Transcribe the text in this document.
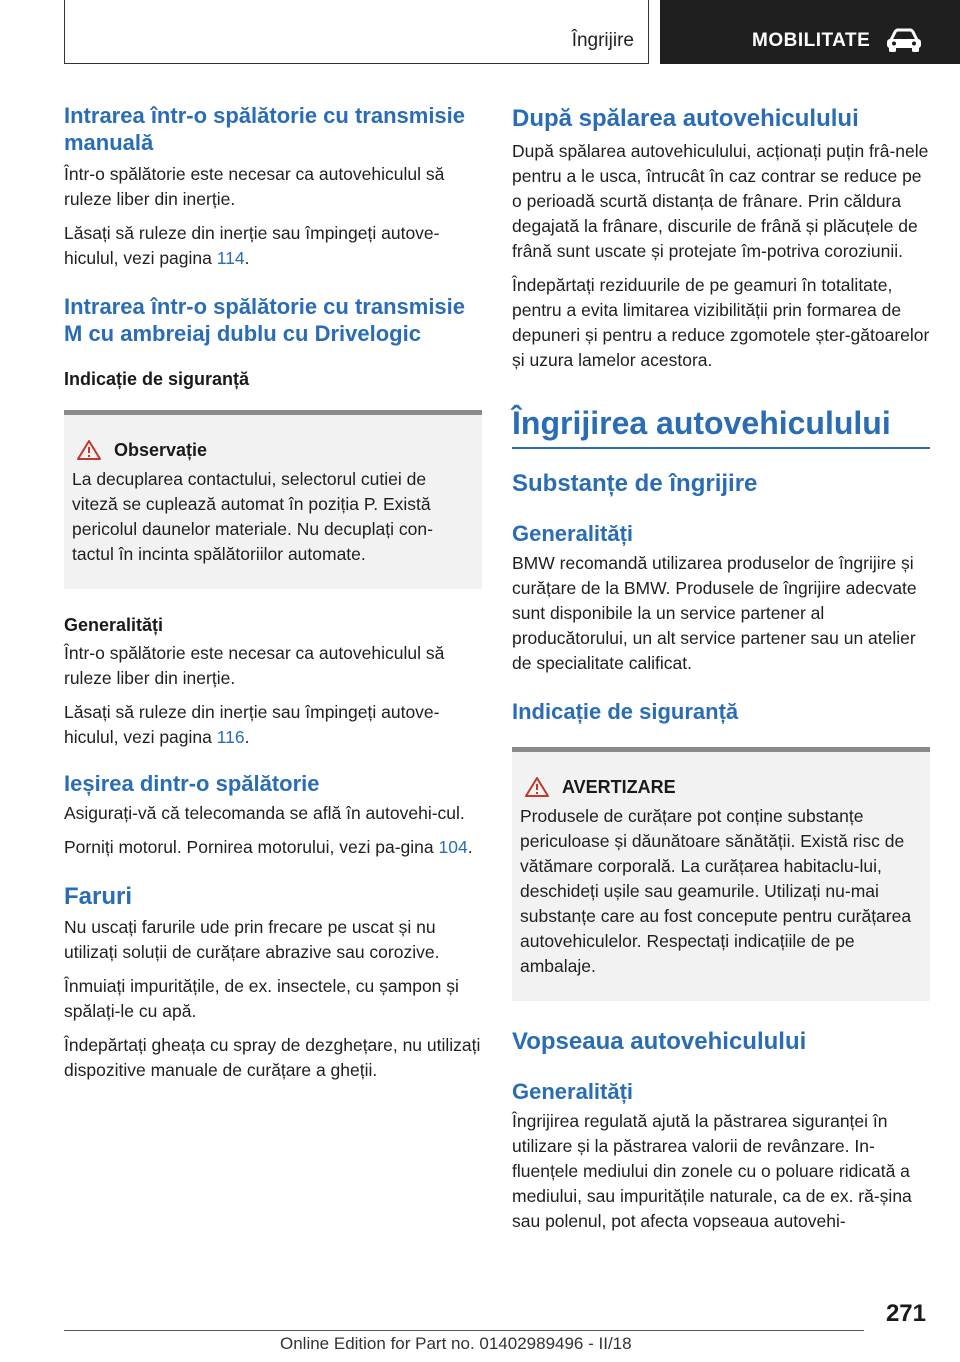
Îngrijire	MOBILITATE
Intrarea într-o spălătorie cu transmisie manuală

Într-o spălătorie este necesar ca autovehiculul să ruleze liber din inerție.

Lăsați să ruleze din inerție sau împingeți autove-hiculul, vezi pagina 114.

Intrarea într-o spălătorie cu transmisie M cu ambreiaj dublu cu Drivelogic
Indicație de siguranță
Observație

La decuplarea contactului, selectorul cutiei de viteză se cuplează automat în poziția P. Există pericolul daunelor materiale. Nu decuplați con-tactul în incinta spălătoriilor automate.

Generalități

Într-o spălătorie este necesar ca autovehiculul să ruleze liber din inerție.

Lăsați să ruleze din inerție sau împingeți autove-hiculul, vezi pagina 116.

Ieșirea dintr-o spălătorie

Asigurați-vă că telecomanda se află în autovehi-cul.

Porniți motorul. Pornirea motorului, vezi pa-gina 104.

Faruri

Nu uscați farurile ude prin frecare pe uscat și nu utilizați soluții de curățare abrazive sau corozive.

Înmuiați impuritățile, de ex. insectele, cu șampon și spălați-le cu apă.

Îndepărtați gheața cu spray de dezghețare, nu utilizați dispozitive manuale de curățare a gheții.

După spălarea autovehiculului

După spălarea autovehiculului, acționați puțin frâ-nele pentru a le usca, întrucât în caz contrar se reduce pe o perioadă scurtă distanța de frânare. Prin căldura degajată la frânare, discurile de frână și plăcuțele de frână sunt uscate și protejate îm-potriva coroziunii.

Îndepărtați reziduurile de pe geamuri în totalitate, pentru a evita limitarea vizibilității prin formarea de depuneri și pentru a reduce zgomotele șter-gătoarelor și uzura lamelor acestora.

Îngrijirea autovehiculului
Substanțe de îngrijire
Generalități

BMW recomandă utilizarea produselor de îngrijire și curățare de la BMW. Produsele de îngrijire adecvate sunt disponibile la un service partener al producătorului, un alt service partener sau un atelier de specialitate calificat.

Indicație de siguranță
AVERTIZARE

Produsele de curățare pot conține substanțe periculoase și dăunătoare sănătății. Există risc de vătămare corporală. La curățarea habitaclu-lui, deschideți ușile sau geamurile. Utilizați nu-mai substanțe care au fost concepute pentru curățarea autovehiculelor. Respectați indicațiile de pe ambalaje.

Vopseaua autovehiculului
Generalități

Îngrijirea regulată ajută la păstrarea siguranței în utilizare și la păstrarea valorii de revânzare. In-fluențele mediului din zonele cu o poluare ridicată a mediului, sau impuritățile naturale, ca de ex. ră-șina sau polenul, pot afecta vopseaua autovehi-

271
Online Edition for Part no. 01402989496 - II/18
